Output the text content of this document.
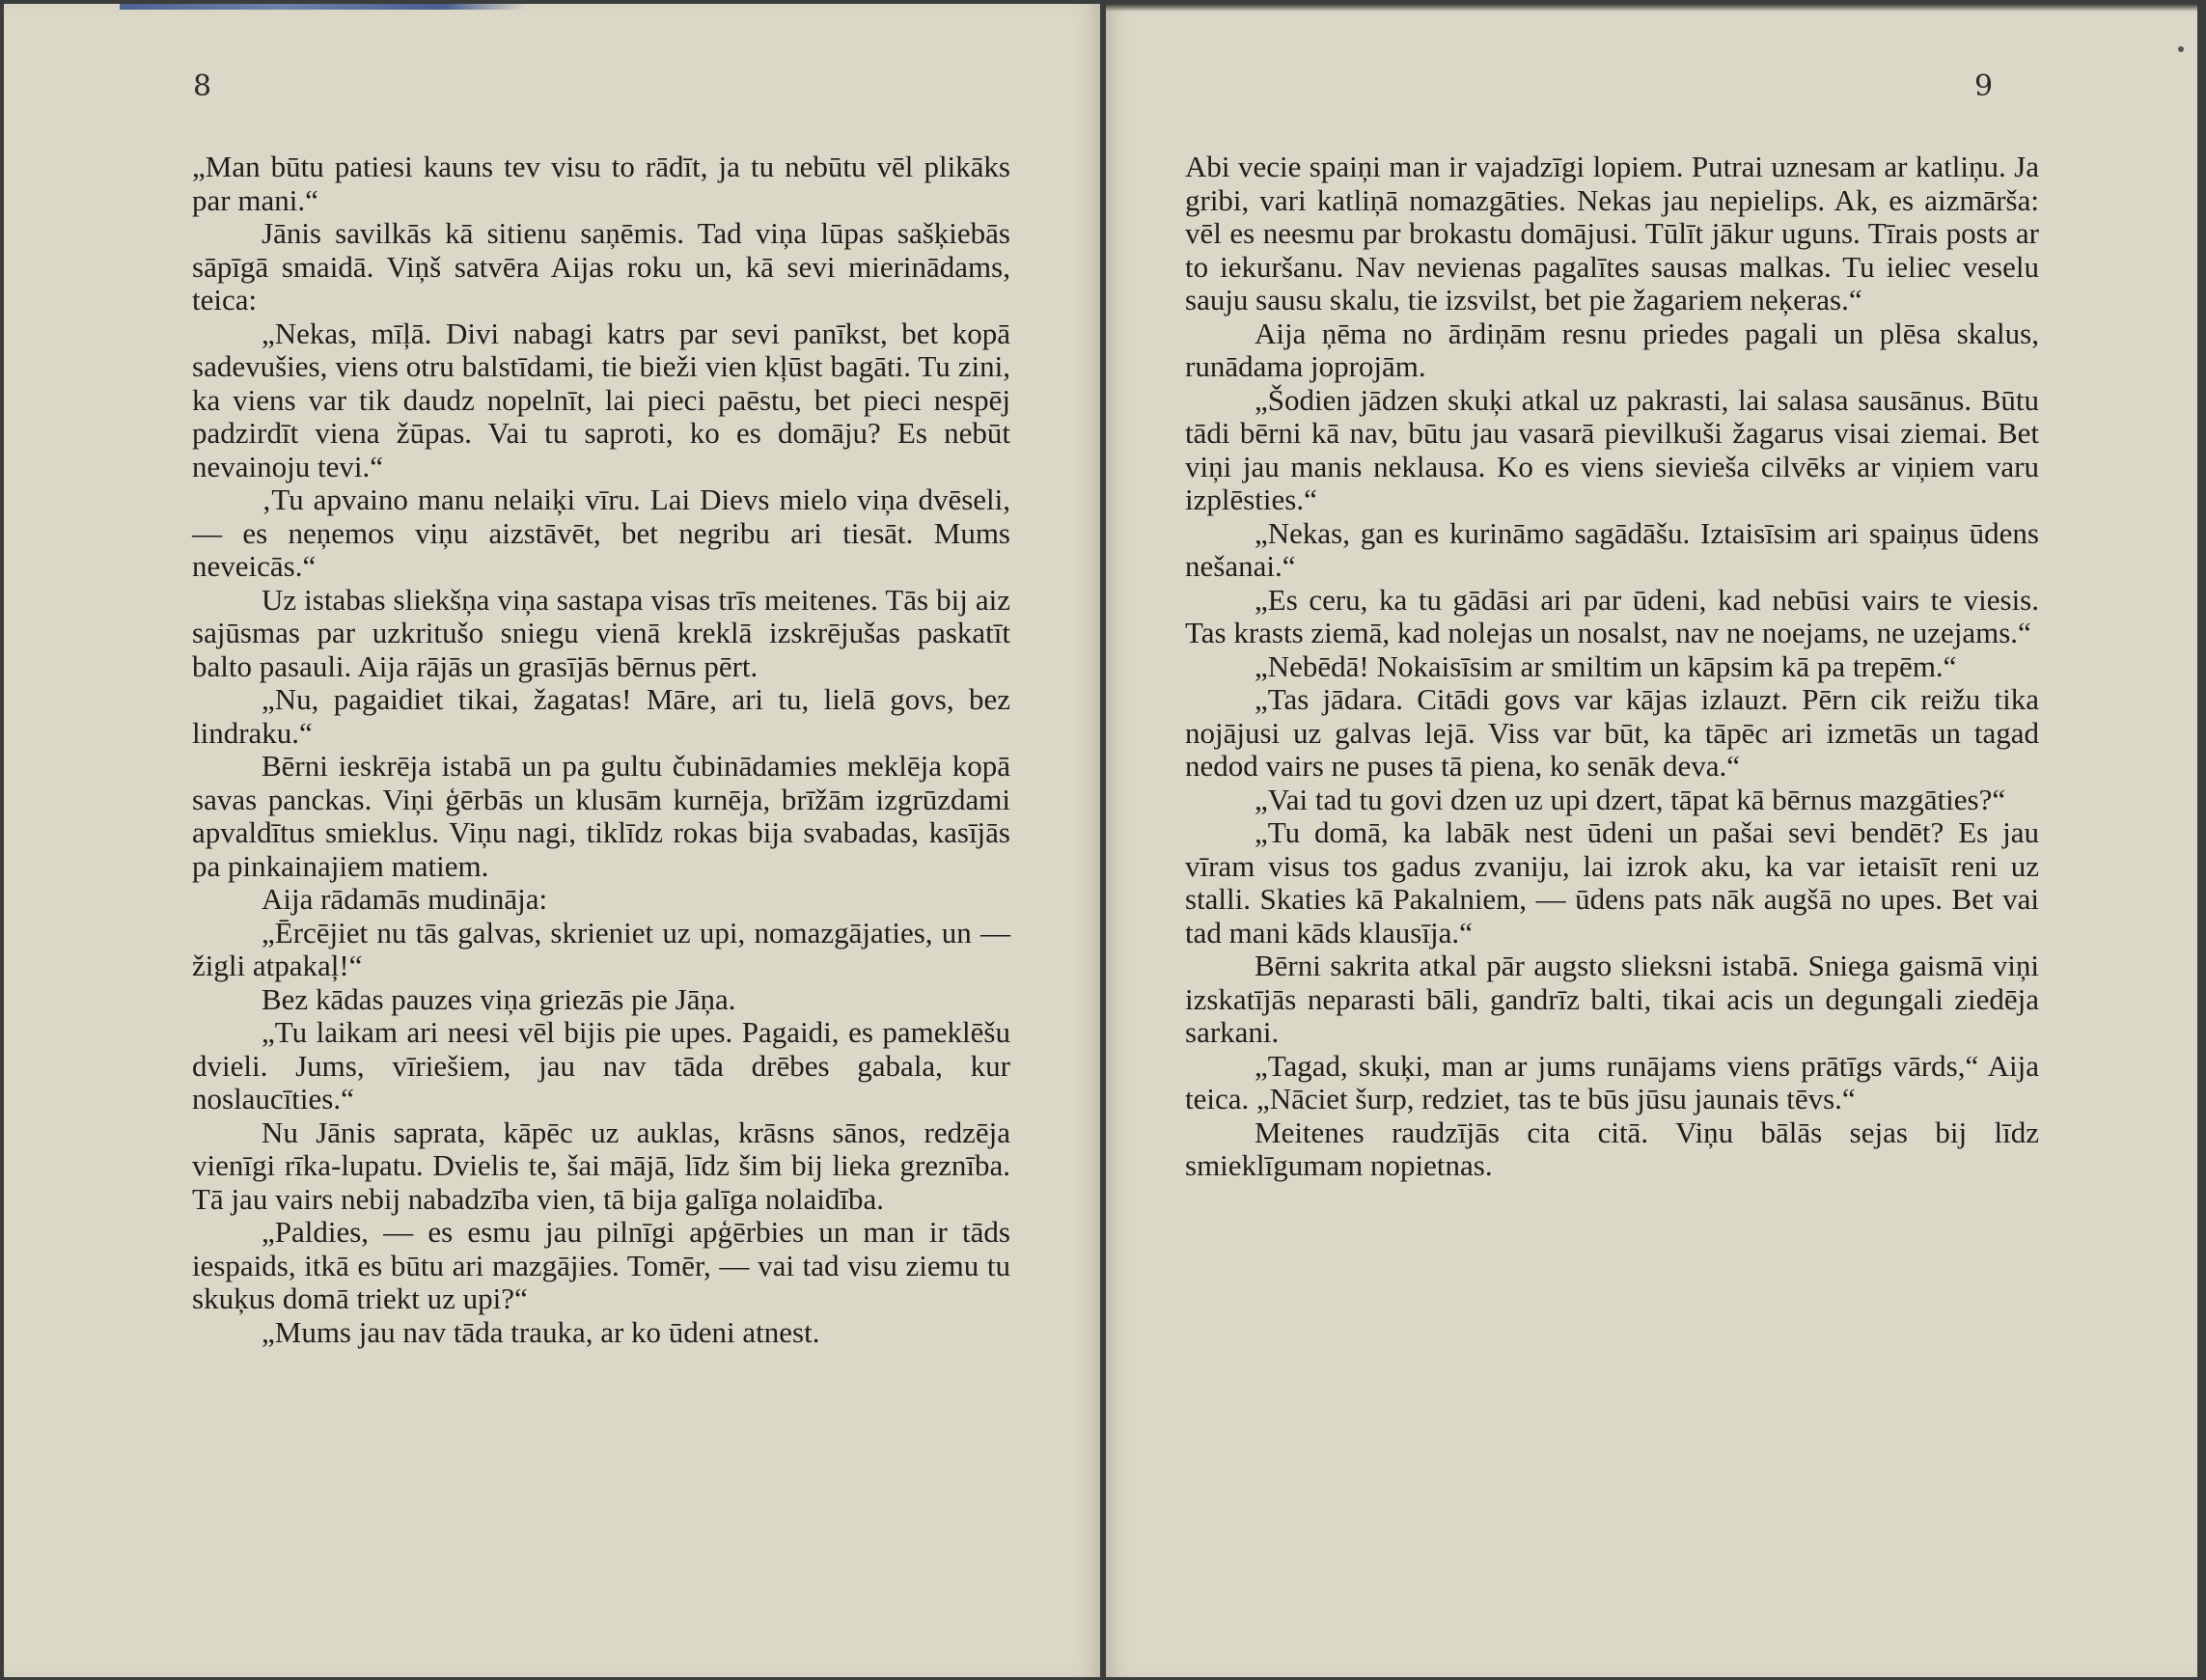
8

„Man būtu patiesi kauns tev visu to rādīt, ja tu nebūtu vēl plikāks par mani.“

Jānis savilkās kā sitienu saņēmis. Tad viņa lūpas sašķiebās sāpīgā smaidā. Viņš satvēra Aijas roku un, kā sevi mierinādams, teica:

„Nekas, mīļā. Divi nabagi katrs par sevi panīkst, bet kopā sadevušies, viens otru balstīdami, tie bieži vien kļūst bagāti. Tu zini, ka viens var tik daudz nopelnīt, lai pieci paēstu, bet pieci nespēj padzirdīt viena žūpas. Vai tu saproti, ko es domāju? Es nebūt nevainoju tevi.“

‚Tu apvaino manu nelaiķi vīru. Lai Dievs mielo viņa dvēseli, — es neņemos viņu aizstāvēt, bet negribu ari tiesāt. Mums neveicās.“

Uz istabas sliekšņa viņa sastapa visas trīs meitenes. Tās bij aiz sajūsmas par uzkritušo sniegu vienā kreklā izskrējušas paskatīt balto pasauli. Aija rājās un grasījās bērnus pērt.

„Nu, pagaidiet tikai, žagatas! Māre, ari tu, lielā govs, bez lindraku.“

Bērni ieskrēja istabā un pa gultu čubinādamies meklēja kopā savas panckas. Viņi ģērbās un klusām kurnēja, brīžām izgrūzdami apvaldītus smieklus. Viņu nagi, tiklīdz rokas bija svabadas, kasījās pa pinkainajiem matiem.

Aija rādamās mudināja:

„Ērcējiet nu tās galvas, skrieniet uz upi, nomazgājaties, un — žigli atpakaļ!“

Bez kādas pauzes viņa griezās pie Jāņa.

„Tu laikam ari neesi vēl bijis pie upes. Pagaidi, es pameklēšu dvieli. Jums, vīriešiem, jau nav tāda drēbes gabala, kur noslaucīties.“

Nu Jānis saprata, kāpēc uz auklas, krāsns sānos, redzēja vienīgi rīka-lupatu. Dvielis te, šai mājā, līdz šim bij lieka greznība. Tā jau vairs nebij nabadzība vien, tā bija galīga nolaidība.

„Paldies, — es esmu jau pilnīgi apģērbies un man ir tāds iespaids, itkā es būtu ari mazgājies. Tomēr, — vai tad visu ziemu tu skuķus domā triekt uz upi?“

„Mums jau nav tāda trauka, ar ko ūdeni atnest.

9

Abi vecie spaiņi man ir vajadzīgi lopiem. Putrai uznesam ar katliņu. Ja gribi, vari katliņā nomazgāties. Nekas jau nepielips. Ak, es aizmārša: vēl es neesmu par brokastu domājusi. Tūlīt jākur uguns. Tīrais posts ar to iekuršanu. Nav nevienas pagalītes sausas malkas. Tu ieliec veselu sauju sausu skalu, tie izsvilst, bet pie žagariem neķeras.“

Aija ņēma no ārdiņām resnu priedes pagali un plēsa skalus, runādama joprojām.

„Šodien jādzen skuķi atkal uz pakrasti, lai salasa sausānus. Būtu tādi bērni kā nav, būtu jau vasarā pievilkuši žagarus visai ziemai. Bet viņi jau manis neklausa. Ko es viens sieviešа cilvēks ar viņiem varu izplēsties.“

„Nekas, gan es kurināmo sagādāšu. Iztaisīsim ari spaiņus ūdens nešanai.“

„Es ceru, ka tu gādāsi ari par ūdeni, kad nebūsi vairs te viesis. Tas krasts ziemā, kad nolejas un nosalst, nav ne noejams, ne uzejams.“

„Nebēdā! Nokaisīsim ar smiltim un kāpsim kā pa trepēm.“

„Tas jādara. Citādi govs var kājas izlauzt. Pērn cik reižu tika nojājusi uz galvas lejā. Viss var būt, ka tāpēc ari izmetās un tagad nedod vairs ne puses tā piena, ko senāk deva.“

„Vai tad tu govi dzen uz upi dzert, tāpat kā bērnus mazgāties?“

„Tu domā, ka labāk nest ūdeni un pašai sevi bendēt? Es jau vīram visus tos gadus zvaniju, lai izrok aku, ka var ietaisīt reni uz stalli. Skaties kā Pakalniem, — ūdens pats nāk augšā no upes. Bet vai tad mani kāds klausīja.“

Bērni sakrita atkal pār augsto slieksni istabā. Sniega gaismā viņi izskatījās neparasti bāli, gandrīz balti, tikai acis un degungali ziedēja sarkani.

„Tagad, skuķi, man ar jums runājams viens prātīgs vārds,“ Aija teica. „Nāciet šurp, redziet, tas te būs jūsu jaunais tēvs.“

Meitenes raudzījās cita citā. Viņu bālās sejas bij līdz smieklīgumam nopietnas.
